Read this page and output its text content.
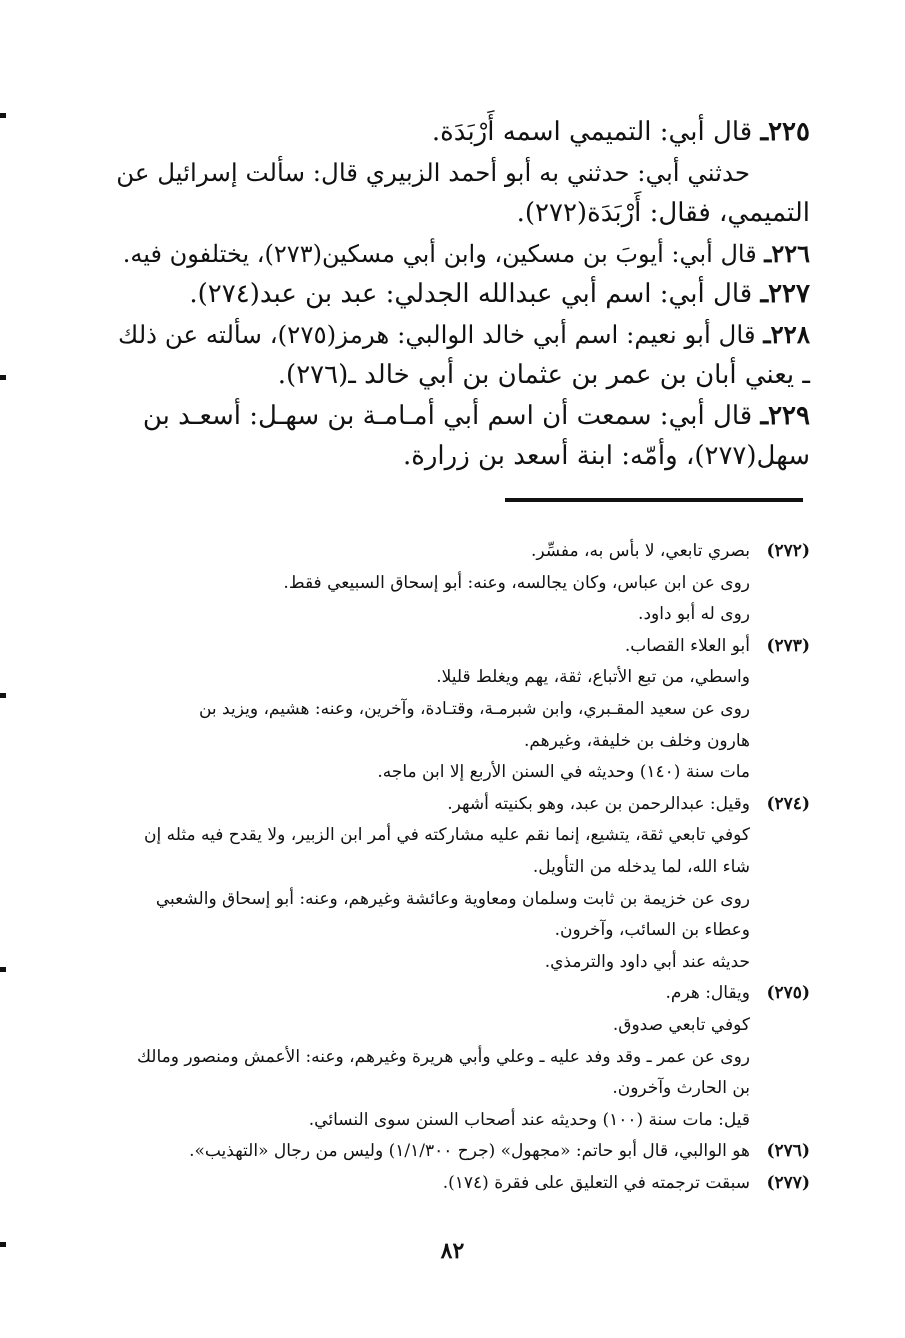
٢٢٥ـ قال أبي: التميمي اسمه أَرْبَدَة.
حدثني أبي: حدثني به أبو أحمد الزبيري قال: سألت إسرائيل عن
التميمي، فقال: أَرْبَدَة(٢٧٢).
٢٢٦ـ قال أبي: أيوبَ بن مسكين، وابن أبي مسكين(٢٧٣)، يختلفون فيه.
٢٢٧ـ قال أبي: اسم أبي عبدالله الجدلي: عبد بن عبد(٢٧٤).
٢٢٨ـ قال أبو نعيم: اسم أبي خالد الوالبي: هرمز(٢٧٥)، سألته عن ذلك
ـ يعني أبان بن عمر بن عثمان بن أبي خالد ـ(٢٧٦).
٢٢٩ـ قال أبي: سمعت أن اسم أبي أمـامـة بن سهـل: أسعـد بن
سهل(٢٧٧)، وأمّه: ابنة أسعد بن زرارة.
(٢٧٢)
بصري تابعي، لا بأس به، مفسِّر.
روى عن ابن عباس، وكان يجالسه، وعنه: أبو إسحاق السبيعي فقط.
روى له أبو داود.
(٢٧٣)
أبو العلاء القصاب.
واسطي، من تبع الأتباع، ثقة، يهم ويغلط قليلا.
روى عن سعيد المقـبري، وابن شبرمـة، وقتـادة، وآخرين، وعنه: هشيم، ويزيد بن
هارون وخلف بن خليفة، وغيرهم.
مات سنة (١٤٠) وحديثه في السنن الأربع إلا ابن ماجه.
(٢٧٤)
وقيل: عبدالرحمن بن عبد، وهو بكنيته أشهر.
كوفي تابعي ثقة، يتشيع، إنما نقم عليه مشاركته في أمر ابن الزبير، ولا يقدح فيه مثله إن
شاء الله، لما يدخله من التأويل.
روى عن خزيمة بن ثابت وسلمان ومعاوية وعائشة وغيرهم، وعنه: أبو إسحاق والشعبي
وعطاء بن السائب، وآخرون.
حديثه عند أبي داود والترمذي.
(٢٧٥)
ويقال: هرم.
كوفي تابعي صدوق.
روى عن عمر ـ وقد وفد عليه ـ وعلي وأبي هريرة وغيرهم، وعنه: الأعمش ومنصور ومالك
بن الحارث وآخرون.
قيل: مات سنة (١٠٠) وحديثه عند أصحاب السنن سوى النسائي.
(٢٧٦)
هو الوالبي، قال أبو حاتم: «مجهول» (جرح ١/١/٣٠٠) وليس من رجال «التهذيب».
(٢٧٧)
سبقت ترجمته في التعليق على فقرة (١٧٤).
٨٢
